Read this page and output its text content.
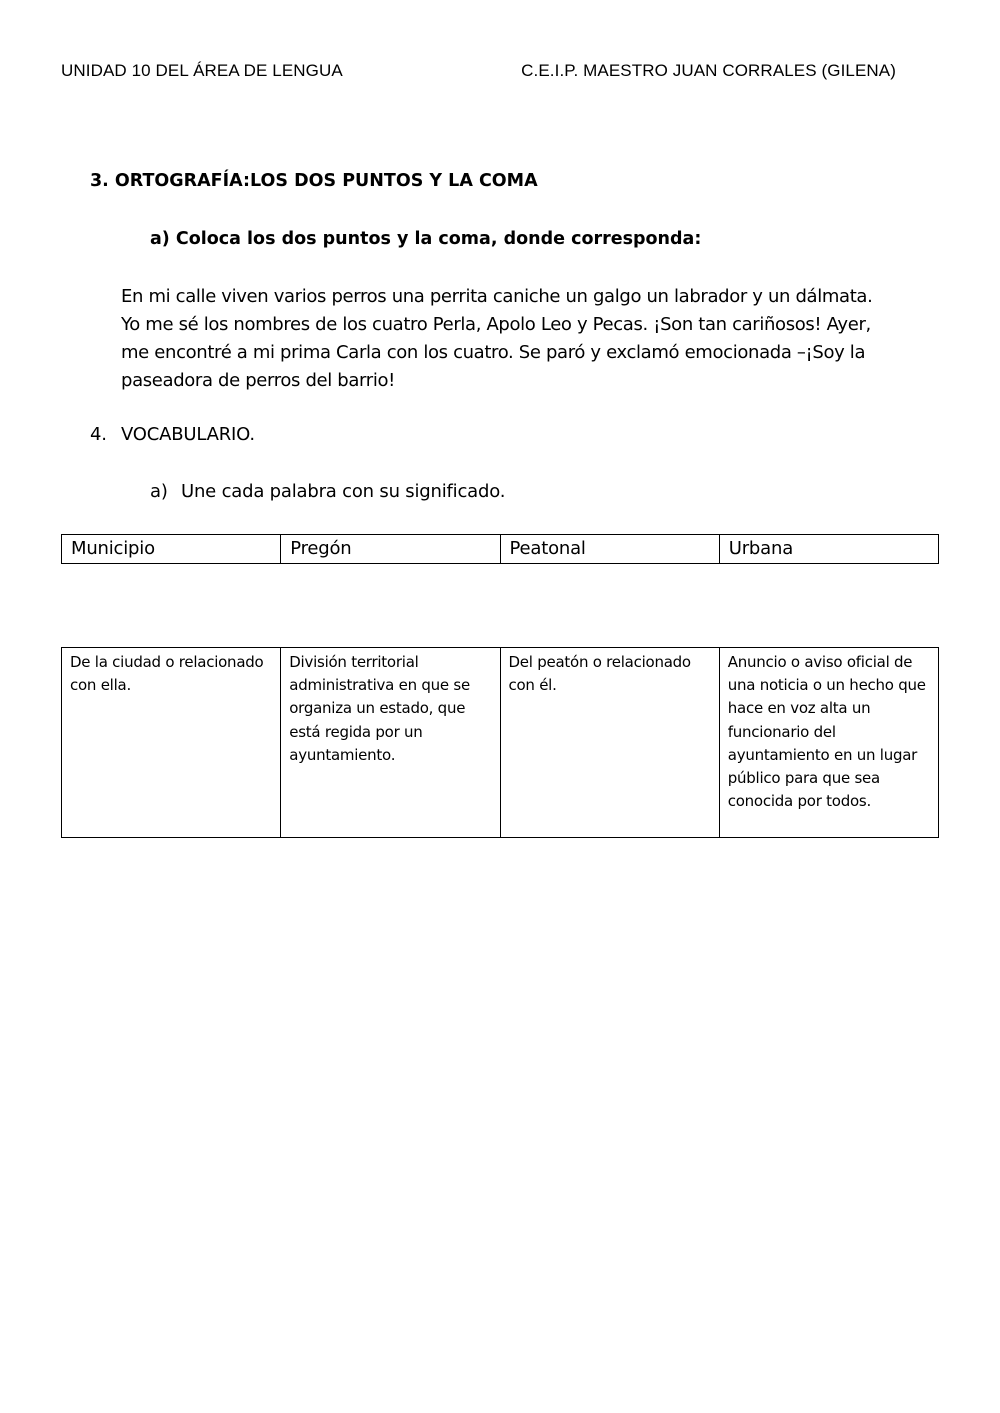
UNIDAD 10 DEL ÁREA DE LENGUA	C.E.I.P. MAESTRO JUAN CORRALES (GILENA)
3. ORTOGRAFÍA:LOS DOS PUNTOS Y LA COMA
a) Coloca los dos puntos y la coma, donde corresponda:
En mi calle viven varios perros una perrita caniche un galgo un labrador y un dálmata.
Yo me sé los nombres de los cuatro Perla, Apolo Leo y Pecas. ¡Son tan cariñosos! Ayer,
me encontré a mi prima Carla con los cuatro. Se paró y exclamó emocionada –¡Soy la
paseadora de perros del barrio!
4. VOCABULARIO.
a) Une cada palabra con su significado.
Municipio	Pregón	Peatonal	Urbana
De la ciudad o relacionado con ella.	División territorial administrativa en que se organiza un estado, que está regida por un ayuntamiento.	Del peatón o relacionado con él.	Anuncio o aviso oficial de una noticia o un hecho que hace en voz alta un funcionario del ayuntamiento en un lugar público para que sea conocida por todos.
